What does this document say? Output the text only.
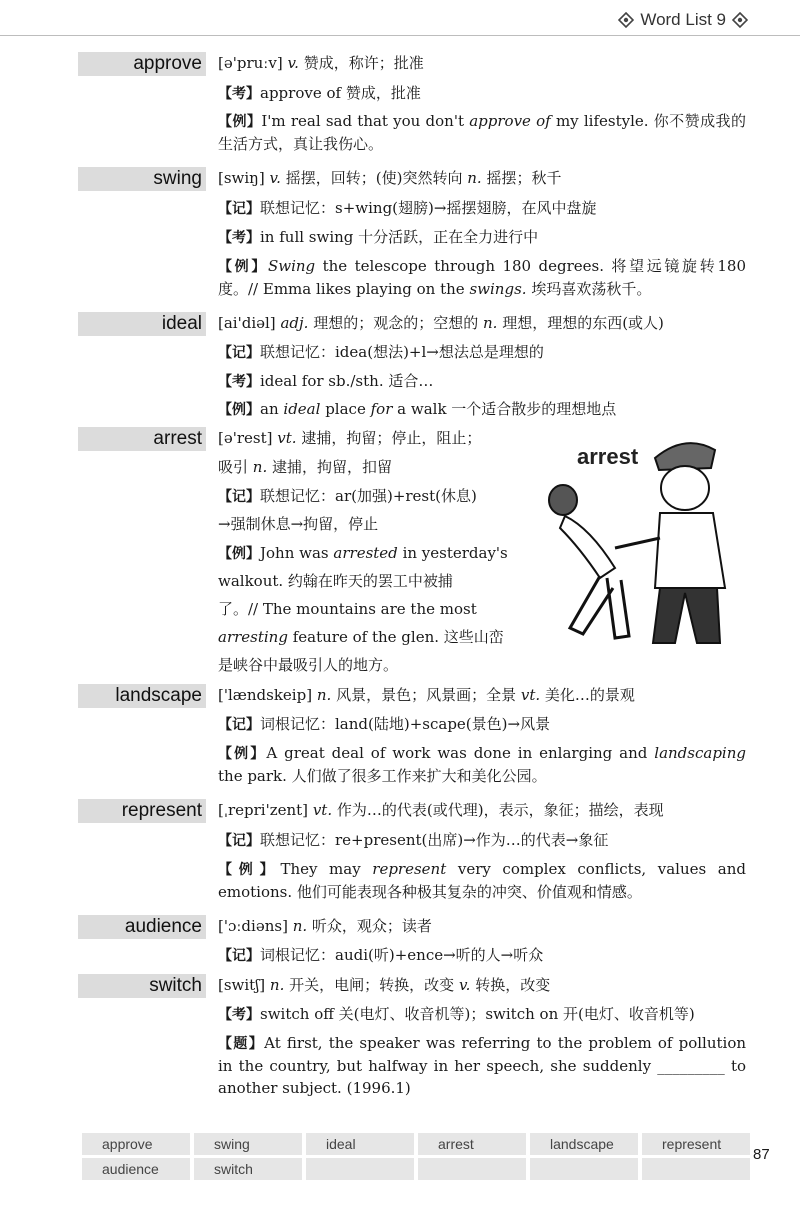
Word List 9
approve [ə'pruːv] v. 赞成，称许；批准
【考】approve of 赞成，批准
【例】I'm real sad that you don't approve of my lifestyle. 你不赞成我的生活方式，真让我伤心。
swing [swiŋ] v. 摇摆，回转；(使)突然转向 n. 摇摆；秋千
【记】联想记忆：s+wing(翅膀)→摇摆翅膀，在风中盘旋
【考】in full swing 十分活跃，正在全力进行中
【例】Swing the telescope through 180 degrees. 将望远镜旋转180度。// Emma likes playing on the swings. 埃玛喜欢荡秋千。
ideal [ai'diəl] adj. 理想的；观念的；空想的 n. 理想，理想的东西(或人)
【记】联想记忆：idea(想法)+l→想法总是理想的
【考】ideal for sb./sth. 适合…
【例】an ideal place for a walk 一个适合散步的理想地点
arrest [ə'rest] vt. 逮捕，拘留；停止，阻止；
吸引 n. 逮捕，拘留，扣留
【记】联想记忆：ar(加强)+rest(休息)
→强制休息→拘留，停止
【例】John was arrested in yesterday's
walkout. 约翰在昨天的罢工中被捕
了。// The mountains are the most
arresting feature of the glen. 这些山峦
是峡谷中最吸引人的地方。
arrest
landscape ['lændskeip] n. 风景，景色；风景画；全景 vt. 美化…的景观
【记】词根记忆：land(陆地)+scape(景色)→风景
【例】A great deal of work was done in enlarging and landscaping the park. 人们做了很多工作来扩大和美化公园。
represent [ˌrepri'zent] vt. 作为…的代表(或代理)，表示，象征；描绘，表现
【记】联想记忆：re+present(出席)→作为…的代表→象征
【例】They may represent very complex conflicts, values and emotions. 他们可能表现各种极其复杂的冲突、价值观和情感。
audience ['ɔːdiəns] n. 听众，观众；读者
【记】词根记忆：audi(听)+ence→听的人→听众
switch [switʃ] n. 开关，电闸；转换，改变 v. 转换，改变
【考】switch off 关(电灯、收音机等)；switch on 开(电灯、收音机等)
【题】At first, the speaker was referring to the problem of pollution in the country, but halfway in her speech, she suddenly _________ to another subject. (1996.1)
approve	swing	ideal	arrest	landscape	represent
audience	switch
87
